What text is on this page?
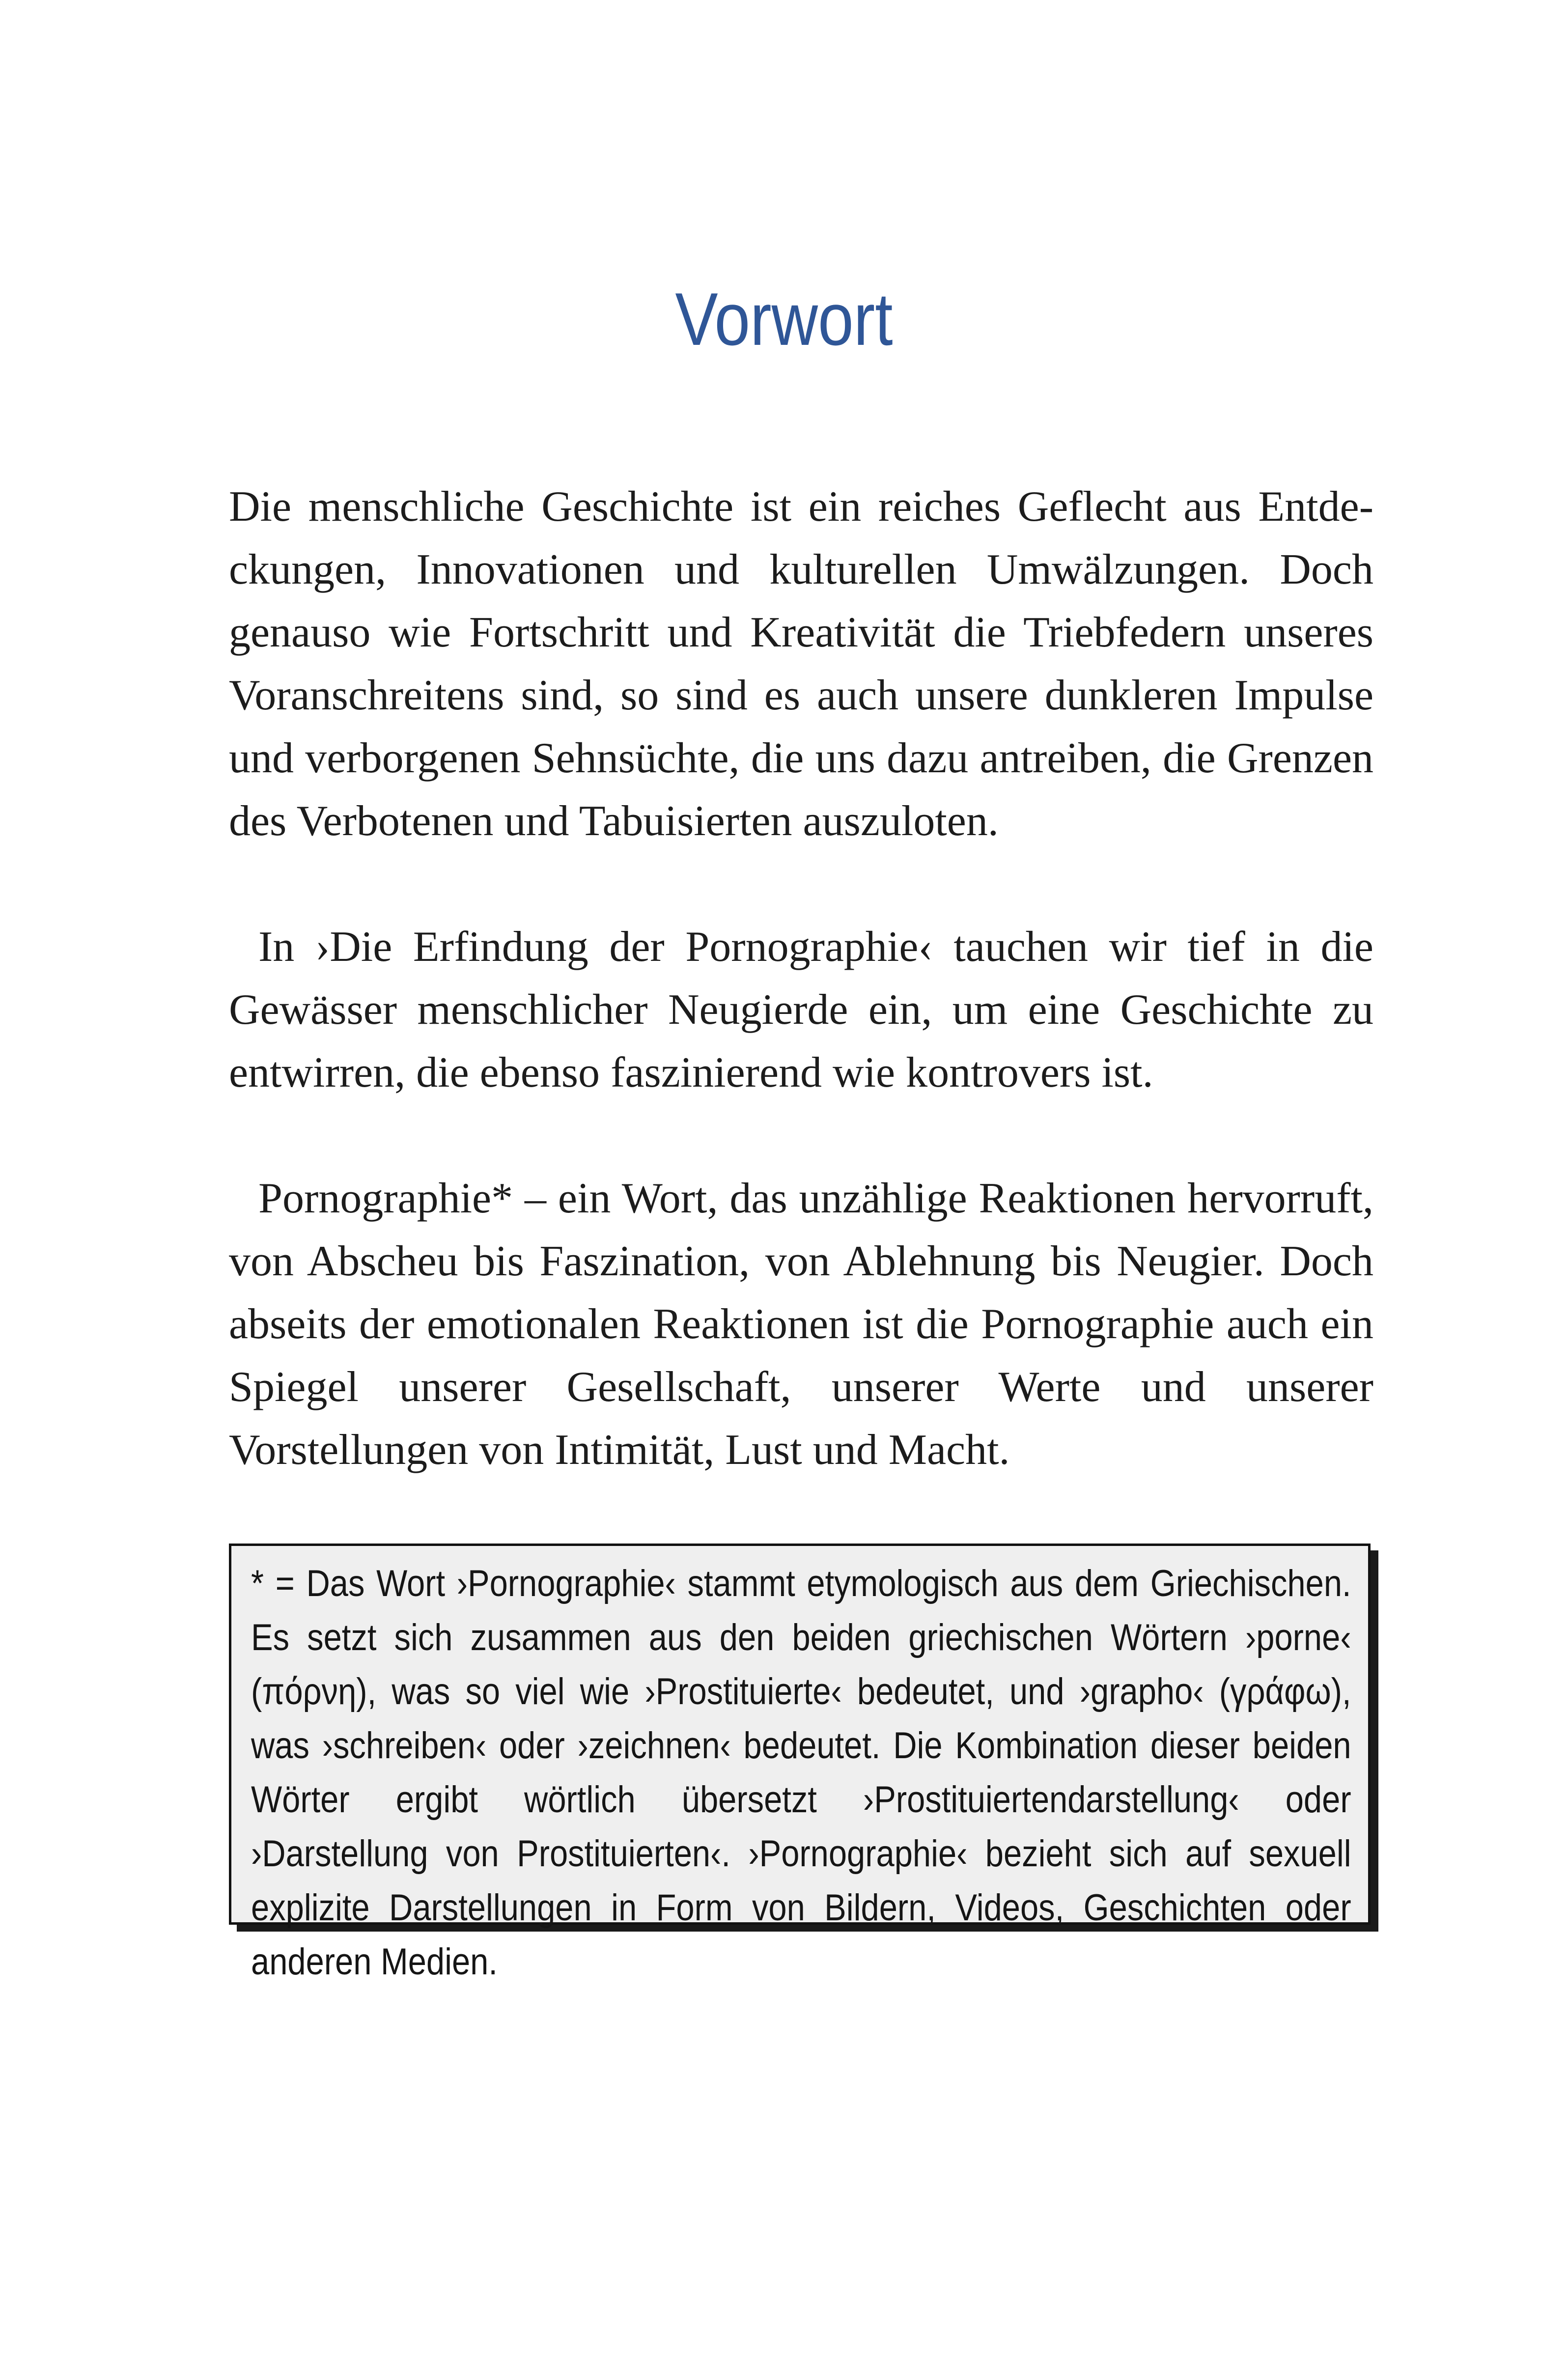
Vorwort

Die menschliche Geschichte ist ein reiches Geflecht aus Entdeckungen, Innovationen und kulturellen Umwälzungen. Doch genauso wie Fortschritt und Kreativität die Triebfedern unseres Voranschreitens sind, so sind es auch unsere dunkleren Impulse und verborgenen Sehnsüchte, die uns dazu antreiben, die Grenzen des Verbotenen und Tabuisierten auszuloten.

In ›Die Erfindung der Pornographie‹ tauchen wir tief in die Gewässer menschlicher Neugierde ein, um eine Geschichte zu entwirren, die ebenso faszinierend wie kontrovers ist.

Pornographie* – ein Wort, das unzählige Reaktionen hervorruft, von Abscheu bis Faszination, von Ablehnung bis Neugier. Doch abseits der emotionalen Reaktionen ist die Pornographie auch ein Spiegel unserer Gesellschaft, unserer Werte und unserer Vorstellungen von Intimität, Lust und Macht.

* = Das Wort ›Pornographie‹ stammt etymologisch aus dem Griechischen. Es setzt sich zusammen aus den beiden griechischen Wörtern ›porne‹ (πόρνη), was so viel wie ›Prostituierte‹ bedeutet, und ›grapho‹ (γράφω), was ›schreiben‹ oder ›zeichnen‹ bedeutet. Die Kombination dieser beiden Wörter ergibt wörtlich übersetzt ›Prostituiertendarstellung‹ oder ›Darstellung von Prostituierten‹. ›Pornographie‹ bezieht sich auf sexuell explizite Darstellungen in Form von Bildern, Videos, Geschichten oder anderen Medien.
